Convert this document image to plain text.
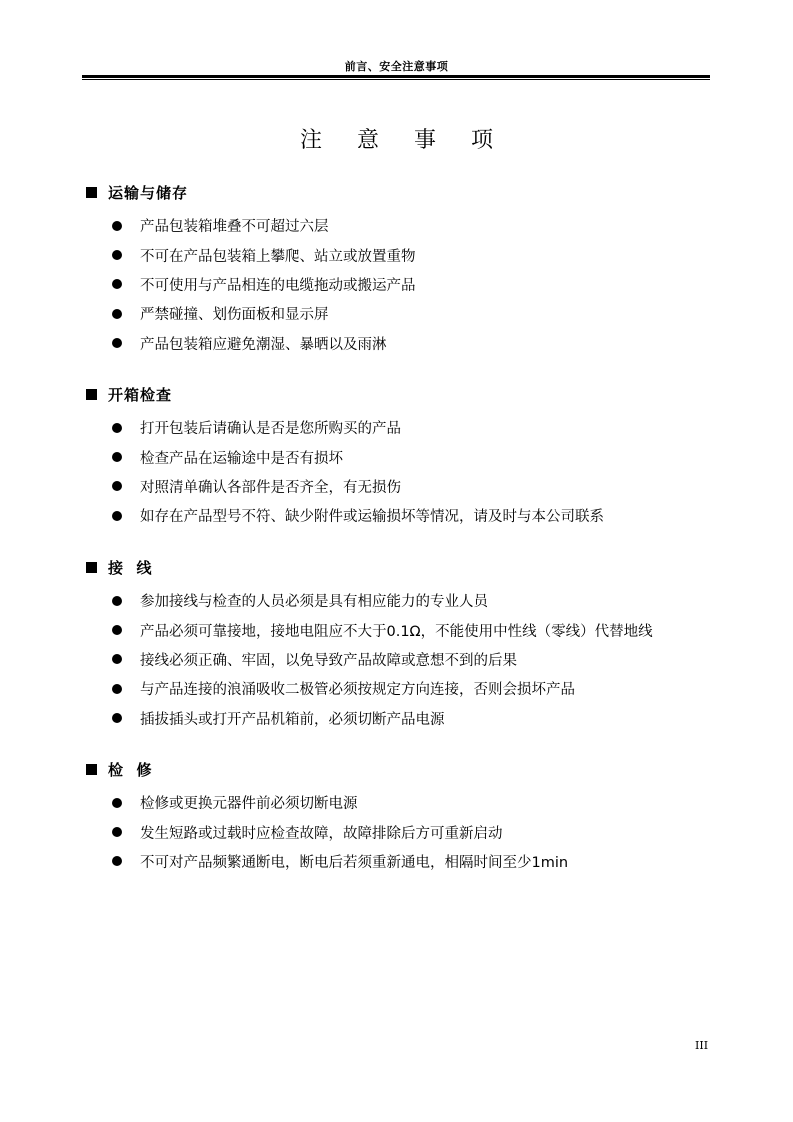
前言、安全注意事项
注 意 事 项
运输与储存
产品包装箱堆叠不可超过六层
不可在产品包装箱上攀爬、站立或放置重物
不可使用与产品相连的电缆拖动或搬运产品
严禁碰撞、划伤面板和显示屏
产品包装箱应避免潮湿、暴晒以及雨淋
开箱检查
打开包装后请确认是否是您所购买的产品
检查产品在运输途中是否有损坏
对照清单确认各部件是否齐全，有无损伤
如存在产品型号不符、缺少附件或运输损坏等情况，请及时与本公司联系
接  线
参加接线与检查的人员必须是具有相应能力的专业人员
产品必须可靠接地，接地电阻应不大于0.1Ω，不能使用中性线（零线）代替地线
接线必须正确、牢固，以免导致产品故障或意想不到的后果
与产品连接的浪涌吸收二极管必须按规定方向连接，否则会损坏产品
插拔插头或打开产品机箱前，必须切断产品电源
检  修
检修或更换元器件前必须切断电源
发生短路或过载时应检查故障，故障排除后方可重新启动
不可对产品频繁通断电，断电后若须重新通电，相隔时间至少1min
III
